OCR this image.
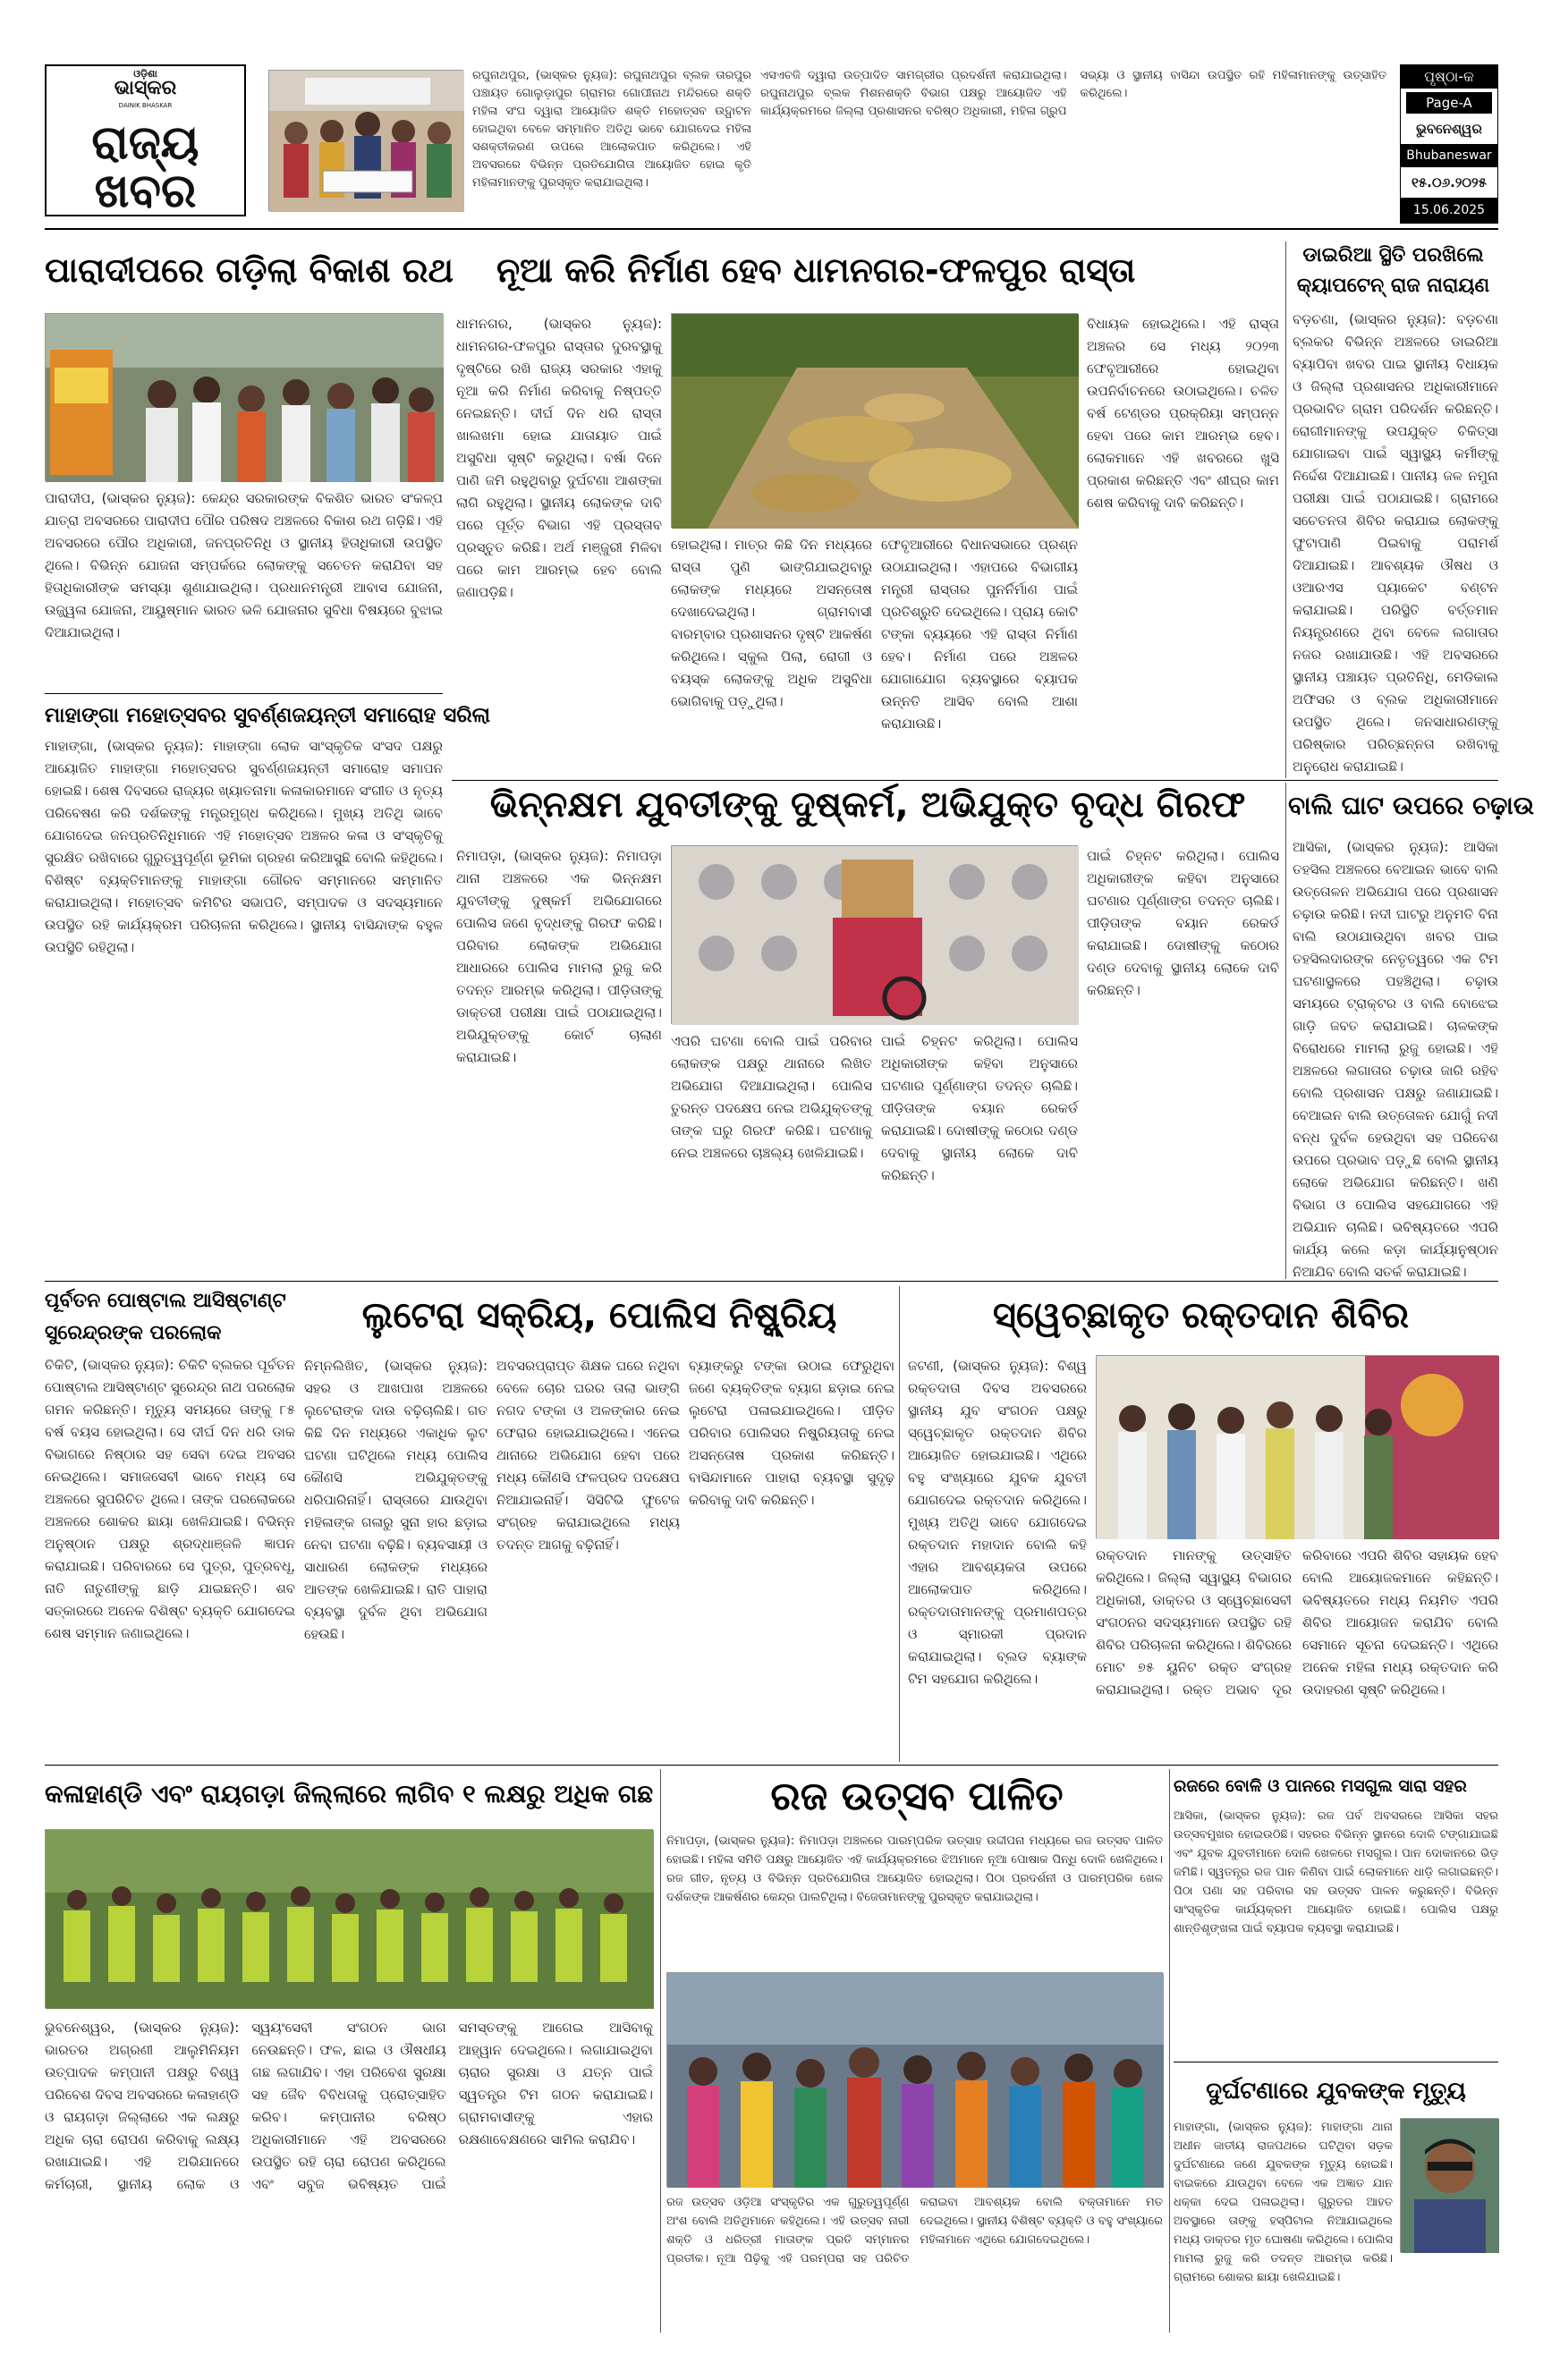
ଓଡ଼ିଶା
ଭାସ୍କର
DAINIK BHASKAR
ରାଜ୍ୟ
ଖବର
ରଘୁନାଥପୁର, (ଭାସ୍କର ନ୍ୟୁଜ): ରଘୁନାଥପୁର ବ୍ଲକ ତାରପୁର ପଞ୍ଚାୟତ ଗୋଲୁଡ଼ାପୁର ଗ୍ରାମର ଗୋପୀନାଥ ମନ୍ଦିରରେ ଶକ୍ତି ମହିଳା ସଂଘ ଦ୍ୱାରା ଆୟୋଜିତ ଶକ୍ତି ମହୋତ୍ସବ ଉଦ୍ଘାଟନ ହୋଇଥିବା ବେଳେ ସମ୍ମାନିତ ଅତିଥି ଭାବେ ଯୋଗଦେଇ ମହିଳା ସଶକ୍ତୀକରଣ ଉପରେ ଆଲୋକପାତ କରିଥିଲେ। ଏହି ଅବସରରେ ବିଭିନ୍ନ ପ୍ରତିଯୋଗିତା ଆୟୋଜିତ ହୋଇ କୃତି ମହିଳାମାନଙ୍କୁ ପୁରସ୍କୃତ କରାଯାଇଥିଲା।
ଏସଏଚଜି ଦ୍ୱାରା ଉତ୍ପାଦିତ ସାମଗ୍ରୀର ପ୍ରଦର୍ଶନୀ କରାଯାଇଥିଲା। ରଘୁନାଥପୁର ବ୍ଲକ ମିଶନଶକ୍ତି ବିଭାଗ ପକ୍ଷରୁ ଆୟୋଜିତ ଏହି କାର୍ଯ୍ୟକ୍ରମରେ ଜିଲ୍ଲା ପ୍ରଶାସନର ବରିଷ୍ଠ ଅଧିକାରୀ, ମହିଳା ଗ୍ରୁପ ସଭ୍ୟା ଓ ସ୍ଥାନୀୟ ବାସିନ୍ଦା ଉପସ୍ଥିତ ରହି ମହିଳାମାନଙ୍କୁ ଉତ୍ସାହିତ କରିଥିଲେ।
ପୃଷ୍ଠା-କ
Page-A
ଭୁବନେଶ୍ୱର
Bhubaneswar
୧୫.୦୬.୨୦୨୫
15.06.2025
ପାରାଦୀପରେ ଗଡ଼ିଲା ବିକାଶ ରଥ	ନୂଆ କରି ନିର୍ମାଣ ହେବ ଧାମନଗର-ଫଳପୁର ରାସ୍ତା	ଡାଇରିଆ ସ୍ଥିତି ପରଖିଲେ
କ୍ୟାପଟେନ୍ ରାଜ ନାରାୟଣ
ପାରାଦୀପ, (ଭାସ୍କର ନ୍ୟୁଜ): କେନ୍ଦ୍ର ସରକାରଙ୍କ ବିକଶିତ ଭାରତ ସଂକଳ୍ପ ଯାତ୍ରା ଅବସରରେ ପାରାଦୀପ ପୌର ପରିଷଦ ଅଞ୍ଚଳରେ ବିକାଶ ରଥ ଗଡ଼ିଛି। ଏହି ଅବସରରେ ପୌର ଅଧିକାରୀ, ଜନପ୍ରତିନିଧି ଓ ସ୍ଥାନୀୟ ହିତାଧିକାରୀ ଉପସ୍ଥିତ ଥିଲେ। ବିଭିନ୍ନ ଯୋଜନା ସମ୍ପର୍କରେ ଲୋକଙ୍କୁ ସଚେତନ କରାଯିବା ସହ ହିତାଧିକାରୀଙ୍କ ସମସ୍ୟା ଶୁଣାଯାଇଥିଲା। ପ୍ରଧାନମନ୍ତ୍ରୀ ଆବାସ ଯୋଜନା, ଉଜ୍ଜ୍ୱଳା ଯୋଜନା, ଆୟୁଷ୍ମାନ ଭାରତ ଭଳି ଯୋଜନାର ସୁବିଧା ବିଷୟରେ ବୁଝାଇ ଦିଆଯାଇଥିଲା।
ମାହାଙ୍ଗା ମହୋତ୍ସବର ସୁବର୍ଣ୍ଣଜୟନ୍ତୀ ସମାରୋହ ସରିଲା
ମାହାଙ୍ଗା, (ଭାସ୍କର ନ୍ୟୁଜ): ମାହାଙ୍ଗା ଲୋକ ସାଂସ୍କୃତିକ ସଂସଦ ପକ୍ଷରୁ ଆୟୋଜିତ ମାହାଙ୍ଗା ମହୋତ୍ସବର ସୁବର୍ଣ୍ଣଜୟନ୍ତୀ ସମାରୋହ ସମାପନ ହୋଇଛି। ଶେଷ ଦିବସରେ ରାଜ୍ୟର ଖ୍ୟାତନାମା କଳାକାରମାନେ ସଂଗୀତ ଓ ନୃତ୍ୟ ପରିବେଷଣ କରି ଦର୍ଶକଙ୍କୁ ମନ୍ତ୍ରମୁଗ୍ଧ କରିଥିଲେ। ମୁଖ୍ୟ ଅତିଥି ଭାବେ ଯୋଗଦେଇ ଜନପ୍ରତିନିଧିମାନେ ଏହି ମହୋତ୍ସବ ଅଞ୍ଚଳର କଳା ଓ ସଂସ୍କୃତିକୁ ସୁରକ୍ଷିତ ରଖିବାରେ ଗୁରୁତ୍ୱପୂର୍ଣ୍ଣ ଭୂମିକା ଗ୍ରହଣ କରିଆସୁଛି ବୋଲି କହିଥିଲେ। ବିଶିଷ୍ଟ ବ୍ୟକ୍ତିମାନଙ୍କୁ ମାହାଙ୍ଗା ଗୌରବ ସମ୍ମାନରେ ସମ୍ମାନିତ କରାଯାଇଥିଲା। ମହୋତ୍ସବ କମିଟିର ସଭାପତି, ସମ୍ପାଦକ ଓ ସଦସ୍ୟମାନେ ଉପସ୍ଥିତ ରହି କାର୍ଯ୍ୟକ୍ରମ ପରିଚାଳନା କରିଥିଲେ। ସ୍ଥାନୀୟ ବାସିନ୍ଦାଙ୍କ ବହୁଳ ଉପସ୍ଥିତି ରହିଥିଲା।
ଧାମନଗର, (ଭାସ୍କର ନ୍ୟୁଜ): ଧାମନଗର-ଫଳପୁର ରାସ୍ତାର ଦୁରବସ୍ଥାକୁ ଦୃଷ୍ଟିରେ ରଖି ରାଜ୍ୟ ସରକାର ଏହାକୁ ନୂଆ କରି ନିର୍ମାଣ କରିବାକୁ ନିଷ୍ପତ୍ତି ନେଇଛନ୍ତି। ଦୀର୍ଘ ଦିନ ଧରି ରାସ୍ତା ଖାଲଖମା ହୋଇ ଯାତାୟାତ ପାଇଁ ଅସୁବିଧା ସୃଷ୍ଟି କରୁଥିଲା। ବର୍ଷା ଦିନେ ପାଣି ଜମି ରହୁଥିବାରୁ ଦୁର୍ଘଟଣା ଆଶଙ୍କା ଲାଗି ରହୁଥିଲା। ସ୍ଥାନୀୟ ଲୋକଙ୍କ ଦାବି ପରେ ପୂର୍ତ୍ତ ବିଭାଗ ଏହି ପ୍ରସ୍ତାବ ପ୍ରସ୍ତୁତ କରିଛି। ଅର୍ଥ ମଞ୍ଜୁରୀ ମିଳିବା ପରେ କାମ ଆରମ୍ଭ ହେବ ବୋଲି ଜଣାପଡ଼ିଛି।
ହୋଇଥିଲା। ମାତ୍ର କିଛି ଦିନ ମଧ୍ୟରେ ରାସ୍ତା ପୁଣି ଭାଙ୍ଗିଯାଇଥିବାରୁ ଲୋକଙ୍କ ମଧ୍ୟରେ ଅସନ୍ତୋଷ ଦେଖାଦେଇଥିଲା। ଗ୍ରାମବାସୀ ବାରମ୍ବାର ପ୍ରଶାସନର ଦୃଷ୍ଟି ଆକର୍ଷଣ କରିଥିଲେ। ସ୍କୁଲ ପିଲା, ରୋଗୀ ଓ ବୟସ୍କ ଲୋକଙ୍କୁ ଅଧିକ ଅସୁବିଧା ଭୋଗିବାକୁ ପଡ଼ୁଥିଲା।
ଫେବୃଆରୀରେ ବିଧାନସଭାରେ ପ୍ରଶ୍ନ ଉଠାଯାଇଥିଲା। ଏହାପରେ ବିଭାଗୀୟ ମନ୍ତ୍ରୀ ରାସ୍ତାର ପୁନର୍ନିର୍ମାଣ ପାଇଁ ପ୍ରତିଶ୍ରୁତି ଦେଇଥିଲେ। ପ୍ରାୟ କୋଟି ଟଙ୍କା ବ୍ୟୟରେ ଏହି ରାସ୍ତା ନିର୍ମାଣ ହେବ। ନିର୍ମାଣ ପରେ ଅଞ୍ଚଳର ଯୋଗାଯୋଗ ବ୍ୟବସ୍ଥାରେ ବ୍ୟାପକ ଉନ୍ନତି ଆସିବ ବୋଲି ଆଶା କରାଯାଉଛି।
ବିଧାୟକ ହୋଇଥିଲେ। ଏହି ରାସ୍ତା ଅଞ୍ଚଳର ସେ ମଧ୍ୟ ୨୦୨୩ ଫେବୃଆରୀରେ ହୋଇଥିବା ଉପନିର୍ବାଚନରେ ଉଠାଇଥିଲେ। ଚଳିତ ବର୍ଷ ଟେଣ୍ଡର ପ୍ରକ୍ରିୟା ସମ୍ପନ୍ନ ହେବା ପରେ କାମ ଆରମ୍ଭ ହେବ। ଲୋକମାନେ ଏହି ଖବରରେ ଖୁସି ପ୍ରକାଶ କରିଛନ୍ତି ଏବଂ ଶୀଘ୍ର କାମ ଶେଷ କରିବାକୁ ଦାବି କରିଛନ୍ତି।
ବଡ଼ଚଣା, (ଭାସ୍କର ନ୍ୟୁଜ): ବଡ଼ଚଣା ବ୍ଲକର ବିଭିନ୍ନ ଅଞ୍ଚଳରେ ଡାଇରିଆ ବ୍ୟାପିବା ଖବର ପାଇ ସ୍ଥାନୀୟ ବିଧାୟକ ଓ ଜିଲ୍ଲା ପ୍ରଶାସନର ଅଧିକାରୀମାନେ ପ୍ରଭାବିତ ଗ୍ରାମ ପରିଦର୍ଶନ କରିଛନ୍ତି। ରୋଗୀମାନଙ୍କୁ ଉପଯୁକ୍ତ ଚିକିତ୍ସା ଯୋଗାଇବା ପାଇଁ ସ୍ୱାସ୍ଥ୍ୟ କର୍ମୀଙ୍କୁ ନିର୍ଦ୍ଦେଶ ଦିଆଯାଇଛି। ପାନୀୟ ଜଳ ନମୁନା ପରୀକ୍ଷା ପାଇଁ ପଠାଯାଇଛି। ଗ୍ରାମରେ ସଚେତନତା ଶିବିର କରାଯାଇ ଲୋକଙ୍କୁ ଫୁଟାପାଣି ପିଇବାକୁ ପରାମର୍ଶ ଦିଆଯାଇଛି। ଆବଶ୍ୟକ ଔଷଧ ଓ ଓଆରଏସ ପ୍ୟାକେଟ ବଣ୍ଟନ କରାଯାଇଛି। ପରିସ୍ଥିତି ବର୍ତ୍ତମାନ ନିୟନ୍ତ୍ରଣରେ ଥିବା ବେଳେ ଲଗାତାର ନଜର ରଖାଯାଉଛି। ଏହି ଅବସରରେ ସ୍ଥାନୀୟ ପଞ୍ଚାୟତ ପ୍ରତିନିଧି, ମେଡିକାଲ ଅଫିସର ଓ ବ୍ଲକ ଅଧିକାରୀମାନେ ଉପସ୍ଥିତ ଥିଲେ। ଜନସାଧାରଣଙ୍କୁ ପରିଷ୍କାର ପରିଚ୍ଛନ୍ନତା ରଖିବାକୁ ଅନୁରୋଧ କରାଯାଇଛି।
ଭିନ୍ନକ୍ଷମ ଯୁବତୀଙ୍କୁ ଦୁଷ୍କର୍ମ, ଅଭିଯୁକ୍ତ ବୃଦ୍ଧ ଗିରଫ	ବାଲି ଘାଟ ଉପରେ ଚଢ଼ାଉ
ନିମାପଡ଼ା, (ଭାସ୍କର ନ୍ୟୁଜ): ନିମାପଡ଼ା ଥାନା ଅଞ୍ଚଳରେ ଏକ ଭିନ୍ନକ୍ଷମ ଯୁବତୀଙ୍କୁ ଦୁଷ୍କର୍ମ ଅଭିଯୋଗରେ ପୋଲିସ ଜଣେ ବୃଦ୍ଧଙ୍କୁ ଗିରଫ କରିଛି। ପରିବାର ଲୋକଙ୍କ ଅଭିଯୋଗ ଆଧାରରେ ପୋଲିସ ମାମଲା ରୁଜୁ କରି ତଦନ୍ତ ଆରମ୍ଭ କରିଥିଲା। ପୀଡ଼ିତାଙ୍କୁ ଡାକ୍ତରୀ ପରୀକ୍ଷା ପାଇଁ ପଠାଯାଇଥିଲା। ଅଭିଯୁକ୍ତଙ୍କୁ କୋର୍ଟ ଚାଲାଣ କରାଯାଇଛି।
ଏପରି ଘଟଣା ବୋଲି ପାଇଁ ପରିବାର ଲୋକଙ୍କ ପକ୍ଷରୁ ଥାନାରେ ଲିଖିତ ଅଭିଯୋଗ ଦିଆଯାଇଥିଲା। ପୋଲିସ ତୁରନ୍ତ ପଦକ୍ଷେପ ନେଇ ଅଭିଯୁକ୍ତଙ୍କୁ ତାଙ୍କ ଘରୁ ଗିରଫ କରିଛି। ଘଟଣାକୁ ନେଇ ଅଞ୍ଚଳରେ ଚାଞ୍ଚଲ୍ୟ ଖେଳିଯାଇଛି।
ପାଇଁ ଚିହ୍ନଟ କରିଥିଲା। ପୋଲିସ ଅଧିକାରୀଙ୍କ କହିବା ଅନୁସାରେ ଘଟଣାର ପୂର୍ଣ୍ଣାଙ୍ଗ ତଦନ୍ତ ଚାଲିଛି। ପୀଡ଼ିତାଙ୍କ ବୟାନ ରେକର୍ଡ କରାଯାଇଛି। ଦୋଷୀଙ୍କୁ କଠୋର ଦଣ୍ଡ ଦେବାକୁ ସ୍ଥାନୀୟ ଲୋକେ ଦାବି କରିଛନ୍ତି।
ପାଇଁ ଚିହ୍ନଟ କରିଥିଲା। ପୋଲିସ ଅଧିକାରୀଙ୍କ କହିବା ଅନୁସାରେ ଘଟଣାର ପୂର୍ଣ୍ଣାଙ୍ଗ ତଦନ୍ତ ଚାଲିଛି। ପୀଡ଼ିତାଙ୍କ ବୟାନ ରେକର୍ଡ କରାଯାଇଛି। ଦୋଷୀଙ୍କୁ କଠୋର ଦଣ୍ଡ ଦେବାକୁ ସ୍ଥାନୀୟ ଲୋକେ ଦାବି କରିଛନ୍ତି।
ଆସିକା, (ଭାସ୍କର ନ୍ୟୁଜ): ଆସିକା ତହସିଲ ଅଞ୍ଚଳରେ ବେଆଇନ ଭାବେ ବାଲି ଉତ୍ତୋଳନ ଅଭିଯୋଗ ପରେ ପ୍ରଶାସନ ଚଢ଼ାଉ କରିଛି। ନଦୀ ଘାଟରୁ ଅନୁମତି ବିନା ବାଲି ଉଠାଯାଉଥିବା ଖବର ପାଇ ତହସିଲଦାରଙ୍କ ନେତୃତ୍ୱରେ ଏକ ଟିମ ଘଟଣାସ୍ଥଳରେ ପହଞ୍ଚିଥିଲା। ଚଢ଼ାଉ ସମୟରେ ଟ୍ରାକ୍ଟର ଓ ବାଲି ବୋଝେଇ ଗାଡ଼ି ଜବତ କରାଯାଇଛି। ଚାଳକଙ୍କ ବିରୋଧରେ ମାମଲା ରୁଜୁ ହୋଇଛି। ଏହି ଅଞ୍ଚଳରେ ଲଗାତାର ଚଢ଼ାଉ ଜାରି ରହିବ ବୋଲି ପ୍ରଶାସନ ପକ୍ଷରୁ ଜଣାଯାଇଛି। ବେଆଇନ ବାଲି ଉତ୍ତୋଳନ ଯୋଗୁଁ ନଦୀ ବନ୍ଧ ଦୁର୍ବଳ ହେଉଥିବା ସହ ପରିବେଶ ଉପରେ ପ୍ରଭାବ ପଡ଼ୁଛି ବୋଲି ସ୍ଥାନୀୟ ଲୋକେ ଅଭିଯୋଗ କରିଛନ୍ତି। ଖଣି ବିଭାଗ ଓ ପୋଲିସ ସହଯୋଗରେ ଏହି ଅଭିଯାନ ଚାଲିଛି। ଭବିଷ୍ୟତରେ ଏପରି କାର୍ଯ୍ୟ କଲେ କଡ଼ା କାର୍ଯ୍ୟାନୁଷ୍ଠାନ ନିଆଯିବ ବୋଲି ସତର୍କ କରାଯାଇଛି।
ପୂର୍ବତନ ପୋଷ୍ଟାଲ ଆସିଷ୍ଟାଣ୍ଟ
ସୁରେନ୍ଦ୍ରଙ୍କ ପରଲୋକ
ଚିକିଟି, (ଭାସ୍କର ନ୍ୟୁଜ): ଚିକିଟି ବ୍ଲକର ପୂର୍ବତନ ପୋଷ୍ଟାଲ ଆସିଷ୍ଟାଣ୍ଟ ସୁରେନ୍ଦ୍ର ନାଥ ପରଲୋକ ଗମନ କରିଛନ୍ତି। ମୃତ୍ୟୁ ସମୟରେ ତାଙ୍କୁ ୮୫ ବର୍ଷ ବୟସ ହୋଇଥିଲା। ସେ ଦୀର୍ଘ ଦିନ ଧରି ଡାକ ବିଭାଗରେ ନିଷ୍ଠାର ସହ ସେବା ଦେଇ ଅବସର ନେଇଥିଲେ। ସମାଜସେବୀ ଭାବେ ମଧ୍ୟ ସେ ଅଞ୍ଚଳରେ ସୁପରିଚିତ ଥିଲେ। ତାଙ୍କ ପରଲୋକରେ ଅଞ୍ଚଳରେ ଶୋକର ଛାୟା ଖେଳିଯାଇଛି। ବିଭିନ୍ନ ଅନୁଷ୍ଠାନ ପକ୍ଷରୁ ଶ୍ରଦ୍ଧାଞ୍ଜଳି ଜ୍ଞାପନ କରାଯାଇଛି। ପରିବାରରେ ସେ ପୁତ୍ର, ପୁତ୍ରବଧୂ, ନାତି ନାତୁଣୀଙ୍କୁ ଛାଡ଼ି ଯାଇଛନ୍ତି। ଶବ ସତ୍କାରରେ ଅନେକ ବିଶିଷ୍ଟ ବ୍ୟକ୍ତି ଯୋଗଦେଇ ଶେଷ ସମ୍ମାନ ଜଣାଇଥିଲେ।
ଲୁଟେରା ସକ୍ରିୟ, ପୋଲିସ ନିଷ୍କ୍ରିୟ
ନିମ୍ନଲିଖିତ, (ଭାସ୍କର ନ୍ୟୁଜ): ସହର ଓ ଆଖପାଖ ଅଞ୍ଚଳରେ ଲୁଟେରାଙ୍କ ଦାଉ ବଢ଼ିଚାଲିଛି। ଗତ କିଛି ଦିନ ମଧ୍ୟରେ ଏକାଧିକ ଲୁଟ ଘଟଣା ଘଟିଥିଲେ ମଧ୍ୟ ପୋଲିସ କୌଣସି ଅଭିଯୁକ୍ତଙ୍କୁ ଧରିପାରିନାହିଁ। ରାସ୍ତାରେ ଯାଉଥିବା ମହିଳାଙ୍କ ଗଳାରୁ ସୁନା ହାର ଛଡ଼ାଇ ନେବା ଘଟଣା ବଢ଼ିଛି। ବ୍ୟବସାୟୀ ଓ ସାଧାରଣ ଲୋକଙ୍କ ମଧ୍ୟରେ ଆତଙ୍କ ଖେଳିଯାଇଛି। ରାତି ପାହାରା ବ୍ୟବସ୍ଥା ଦୁର୍ବଳ ଥିବା ଅଭିଯୋଗ ହେଉଛି।
ଅବସରପ୍ରାପ୍ତ ଶିକ୍ଷକ ଘରେ ନଥିବା ବେଳେ ଚୋର ଘରର ତାଲା ଭାଙ୍ଗି ନଗଦ ଟଙ୍କା ଓ ଅଳଙ୍କାର ନେଇ ଫେରାର ହୋଇଯାଇଥିଲେ। ଏନେଇ ଥାନାରେ ଅଭିଯୋଗ ହେବା ପରେ ମଧ୍ୟ କୌଣସି ଫଳପ୍ରଦ ପଦକ୍ଷେପ ନିଆଯାଇନାହିଁ। ସିସିଟିଭି ଫୁଟେଜ ସଂଗ୍ରହ କରାଯାଇଥିଲେ ମଧ୍ୟ ତଦନ୍ତ ଆଗକୁ ବଢ଼ିନାହିଁ।
ବ୍ୟାଙ୍କରୁ ଟଙ୍କା ଉଠାଇ ଫେରୁଥିବା ଜଣେ ବ୍ୟକ୍ତିଙ୍କ ବ୍ୟାଗ ଛଡ଼ାଇ ନେଇ ଲୁଟେରା ପଳାଇଯାଇଥିଲେ। ପୀଡ଼ିତ ପରିବାର ପୋଲିସର ନିଷ୍କ୍ରିୟତାକୁ ନେଇ ଅସନ୍ତୋଷ ପ୍ରକାଶ କରିଛନ୍ତି। ବାସିନ୍ଦାମାନେ ପାହାରା ବ୍ୟବସ୍ଥା ସୁଦୃଢ଼ କରିବାକୁ ଦାବି କରିଛନ୍ତି।
ସ୍ୱେଚ୍ଛାକୃତ ରକ୍ତଦାନ ଶିବିର
ଜଟଣୀ, (ଭାସ୍କର ନ୍ୟୁଜ): ବିଶ୍ୱ ରକ୍ତଦାତା ଦିବସ ଅବସରରେ ସ୍ଥାନୀୟ ଯୁବ ସଂଗଠନ ପକ୍ଷରୁ ସ୍ୱେଚ୍ଛାକୃତ ରକ୍ତଦାନ ଶିବିର ଆୟୋଜିତ ହୋଇଯାଇଛି। ଏଥିରେ ବହୁ ସଂଖ୍ୟାରେ ଯୁବକ ଯୁବତୀ ଯୋଗଦେଇ ରକ୍ତଦାନ କରିଥିଲେ। ମୁଖ୍ୟ ଅତିଥି ଭାବେ ଯୋଗଦେଇ ରକ୍ତଦାନ ମହାଦାନ ବୋଲି କହି ଏହାର ଆବଶ୍ୟକତା ଉପରେ ଆଲୋକପାତ କରିଥିଲେ। ରକ୍ତଦାତାମାନଙ୍କୁ ପ୍ରମାଣପତ୍ର ଓ ସ୍ମାରକୀ ପ୍ରଦାନ କରାଯାଇଥିଲା। ବ୍ଲଡ ବ୍ୟାଙ୍କ ଟିମ ସହଯୋଗ କରିଥିଲେ।
ରକ୍ତଦାନ ମାନଙ୍କୁ ଉତ୍ସାହିତ କରିଥିଲେ। ଜିଲ୍ଲା ସ୍ୱାସ୍ଥ୍ୟ ବିଭାଗର ଅଧିକାରୀ, ଡାକ୍ତର ଓ ସ୍ୱେଚ୍ଛାସେବୀ ସଂଗଠନର ସଦସ୍ୟମାନେ ଉପସ୍ଥିତ ରହି ଶିବିର ପରିଚାଳନା କରିଥିଲେ। ଶିବିରରେ ମୋଟ ୭୫ ୟୁନିଟ ରକ୍ତ ସଂଗ୍ରହ କରାଯାଇଥିଲା। ରକ୍ତ ଅଭାବ ଦୂର କରିବାରେ ଏପରି ଶିବିର ସହାୟକ ହେବ ବୋଲି ଆୟୋଜକମାନେ କହିଛନ୍ତି। ଭବିଷ୍ୟତରେ ମଧ୍ୟ ନିୟମିତ ଏପରି ଶିବିର ଆୟୋଜନ କରାଯିବ ବୋଲି ସେମାନେ ସୂଚନା ଦେଇଛନ୍ତି। ଏଥିରେ ଅନେକ ମହିଳା ମଧ୍ୟ ରକ୍ତଦାନ କରି ଉଦାହରଣ ସୃଷ୍ଟି କରିଥିଲେ।
କଳାହାଣ୍ଡି ଏବଂ ରାୟଗଡ଼ା ଜିଲ୍ଲାରେ ଲାଗିବ ୧ ଲକ୍ଷରୁ ଅଧିକ ଗଛ
ଭୁବନେଶ୍ୱର, (ଭାସ୍କର ନ୍ୟୁଜ): ଭାରତର ଅଗ୍ରଣୀ ଆଲୁମିନିୟମ ଉତ୍ପାଦକ କମ୍ପାନୀ ପକ୍ଷରୁ ବିଶ୍ୱ ପରିବେଶ ଦିବସ ଅବସରରେ କଳାହାଣ୍ଡି ଓ ରାୟଗଡ଼ା ଜିଲ୍ଲାରେ ଏକ ଲକ୍ଷରୁ ଅଧିକ ଚାରା ରୋପଣ କରିବାକୁ ଲକ୍ଷ୍ୟ ରଖାଯାଇଛି। ଏହି ଅଭିଯାନରେ କର୍ମଚାରୀ, ସ୍ଥାନୀୟ ଲୋକ ଓ ସ୍ୱୟଂସେବୀ ସଂଗଠନ ଭାଗ ନେଉଛନ୍ତି। ଫଳ, ଛାଇ ଓ ଔଷଧୀୟ ଗଛ ଲଗାଯିବ। ଏହା ପରିବେଶ ସୁରକ୍ଷା ସହ ଜୈବ ବିବିଧତାକୁ ପ୍ରୋତ୍ସାହିତ କରିବ। କମ୍ପାନୀର ବରିଷ୍ଠ ଅଧିକାରୀମାନେ ଏହି ଅବସରରେ ଉପସ୍ଥିତ ରହି ଚାରା ରୋପଣ କରିଥିଲେ ଏବଂ ସବୁଜ ଭବିଷ୍ୟତ ପାଇଁ ସମସ୍ତଙ୍କୁ ଆଗେଇ ଆସିବାକୁ ଆହ୍ୱାନ ଦେଇଥିଲେ। ଲଗାଯାଇଥିବା ଚାରାର ସୁରକ୍ଷା ଓ ଯତ୍ନ ପାଇଁ ସ୍ୱତନ୍ତ୍ର ଟିମ ଗଠନ କରାଯାଇଛି। ଗ୍ରାମବାସୀଙ୍କୁ ଏହାର ରକ୍ଷଣାବେକ୍ଷଣରେ ସାମିଲ କରାଯିବ।
ରଜ ଉତ୍ସବ ପାଳିତ
ନିମାପଡ଼ା, (ଭାସ୍କର ନ୍ୟୁଜ): ନିମାପଡ଼ା ଅଞ୍ଚଳରେ ପାରମ୍ପରିକ ଉତ୍ସାହ ଉଦ୍ଦୀପନା ମଧ୍ୟରେ ରଜ ଉତ୍ସବ ପାଳିତ ହୋଇଛି। ମହିଳା ସମିତି ପକ୍ଷରୁ ଆୟୋଜିତ ଏହି କାର୍ଯ୍ୟକ୍ରମରେ ଝିଅମାନେ ନୂଆ ପୋଷାକ ପିନ୍ଧି ଦୋଳି ଖେଳିଥିଲେ। ରଜ ଗୀତ, ନୃତ୍ୟ ଓ ବିଭିନ୍ନ ପ୍ରତିଯୋଗିତା ଆୟୋଜିତ ହୋଇଥିଲା। ପିଠା ପ୍ରଦର୍ଶନୀ ଓ ପାରମ୍ପରିକ ଖେଳ ଦର୍ଶକଙ୍କ ଆକର୍ଷଣର କେନ୍ଦ୍ର ପାଲଟିଥିଲା। ବିଜେତାମାନଙ୍କୁ ପୁରସ୍କୃତ କରାଯାଇଥିଲା।
ରଜ ଉତ୍ସବ ଓଡ଼ିଆ ସଂସ୍କୃତିର ଏକ ଗୁରୁତ୍ୱପୂର୍ଣ୍ଣ ଅଂଶ ବୋଲି ଅତିଥିମାନେ କହିଥିଲେ। ଏହି ଉତ୍ସବ ନାରୀ ଶକ୍ତି ଓ ଧରିତ୍ରୀ ମାତାଙ୍କ ପ୍ରତି ସମ୍ମାନର ପ୍ରତୀକ। ନୂଆ ପିଢ଼ିକୁ ଏହି ପରମ୍ପରା ସହ ପରିଚିତ କରାଇବା ଆବଶ୍ୟକ ବୋଲି ବକ୍ତାମାନେ ମତ ଦେଇଥିଲେ। ସ୍ଥାନୀୟ ବିଶିଷ୍ଟ ବ୍ୟକ୍ତି ଓ ବହୁ ସଂଖ୍ୟାରେ ମହିଳାମାନେ ଏଥିରେ ଯୋଗଦେଇଥିଲେ।
ରଜରେ ବୋଳି ଓ ପାନରେ ମସଗୁଲ ସାରା ସହର
ଆସିକା, (ଭାସ୍କର ନ୍ୟୁଜ): ରଜ ପର୍ବ ଅବସରରେ ଆସିକା ସହର ଉତ୍ସବମୁଖର ହୋଇଉଠିଛି। ସହରର ବିଭିନ୍ନ ସ୍ଥାନରେ ଦୋଳି ଟଙ୍ଗାଯାଇଛି ଏବଂ ଯୁବକ ଯୁବତୀମାନେ ଦୋଳି ଖେଳରେ ମସଗୁଲ। ପାନ ଦୋକାନରେ ଭିଡ଼ ଜମିଛି। ସ୍ୱତନ୍ତ୍ର ରଜ ପାନ କିଣିବା ପାଇଁ ଲୋକମାନେ ଧାଡ଼ି ଲଗାଇଛନ୍ତି। ପିଠା ପଣା ସହ ପରିବାର ସହ ଉତ୍ସବ ପାଳନ କରୁଛନ୍ତି। ବିଭିନ୍ନ ସାଂସ୍କୃତିକ କାର୍ଯ୍ୟକ୍ରମ ଆୟୋଜିତ ହୋଇଛି। ପୋଲିସ ପକ୍ଷରୁ ଶାନ୍ତିଶୃଙ୍ଖଳା ପାଇଁ ବ୍ୟାପକ ବ୍ୟବସ୍ଥା କରାଯାଇଛି।
ଦୁର୍ଘଟଣାରେ ଯୁବକଙ୍କ ମୃତ୍ୟୁ
ମାହାଙ୍ଗା, (ଭାସ୍କର ନ୍ୟୁଜ): ମାହାଙ୍ଗା ଥାନା ଅଧୀନ ଜାତୀୟ ରାଜପଥରେ ଘଟିଥିବା ସଡ଼କ ଦୁର୍ଘଟଣାରେ ଜଣେ ଯୁବକଙ୍କ ମୃତ୍ୟୁ ହୋଇଛି। ବାଇକରେ ଯାଉଥିବା ବେଳେ ଏକ ଅଜ୍ଞାତ ଯାନ ଧକ୍କା ଦେଇ ପଳାଇଥିଲା। ଗୁରୁତର ଆହତ ଅବସ୍ଥାରେ ତାଙ୍କୁ ହସ୍ପିଟାଲ ନିଆଯାଇଥିଲେ ମଧ୍ୟ ଡାକ୍ତର ମୃତ ଘୋଷଣା କରିଥିଲେ। ପୋଲିସ ମାମଲା ରୁଜୁ କରି ତଦନ୍ତ ଆରମ୍ଭ କରିଛି। ଗ୍ରାମରେ ଶୋକର ଛାୟା ଖେଳିଯାଇଛି।
